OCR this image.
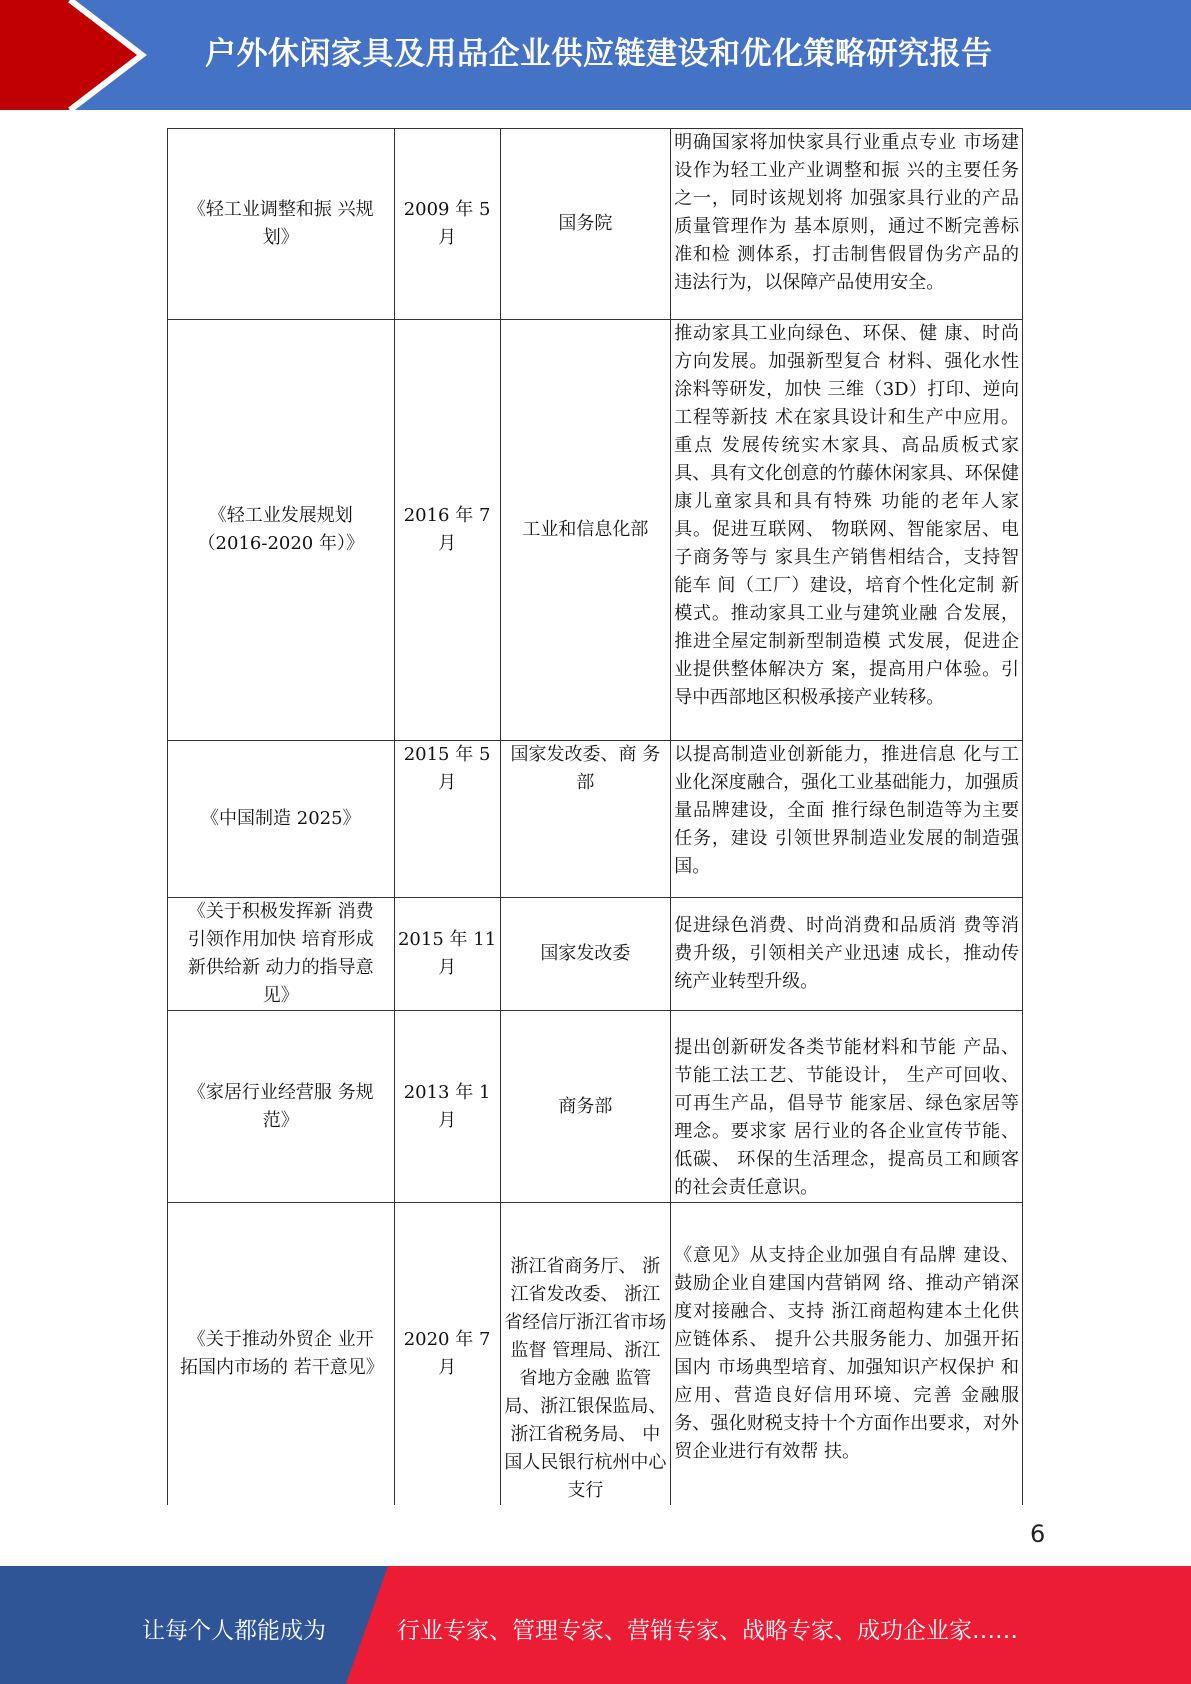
户外休闲家具及用品企业供应链建设和优化策略研究报告
《轻工业调整和振 兴规划》	2009 年 5 月	国务院	明确国家将加快家具行业重点专业 市场建设作为轻工业产业调整和振 兴的主要任务之一，同时该规划将 加强家具行业的产品质量管理作为 基本原则，通过不断完善标准和检 测体系，打击制售假冒伪劣产品的 违法行为，以保障产品使用安全。
《轻工业发展规划（2016-2020 年）》	2016 年 7 月	工业和信息化部	推动家具工业向绿色、环保、健 康、时尚方向发展。加强新型复合 材料、强化水性涂料等研发，加快 三维（3D）打印、逆向工程等新技 术在家具设计和生产中应用。重点 发展传统实木家具、高品质板式家 具、具有文化创意的竹藤休闲家具、环保健康儿童家具和具有特殊 功能的老年人家具。促进互联网、 物联网、智能家居、电子商务等与 家具生产销售相结合，支持智能车 间（工厂）建设，培育个性化定制 新模式。推动家具工业与建筑业融 合发展，推进全屋定制新型制造模 式发展，促进企业提供整体解决方 案，提高用户体验。引导中西部地区积极承接产业转移。
《中国制造 2025》	2015 年 5 月	国家发改委、商 务部	以提高制造业创新能力，推进信息 化与工业化深度融合，强化工业基础能力，加强质量品牌建设，全面 推行绿色制造等为主要任务，建设 引领世界制造业发展的制造强国。
《关于积极发挥新 消费引领作用加快 培育形成新供给新 动力的指导意见》	2015 年 11 月	国家发改委	促进绿色消费、时尚消费和品质消 费等消费升级，引领相关产业迅速 成长，推动传统产业转型升级。
《家居行业经营服 务规范》	2013 年 1 月	商务部	提出创新研发各类节能材料和节能 产品、节能工法工艺、节能设计， 生产可回收、可再生产品，倡导节 能家居、绿色家居等理念。要求家 居行业的各企业宣传节能、低碳、 环保的生活理念，提高员工和顾客 的社会责任意识。
《关于推动外贸企 业开拓国内市场的 若干意见》	2020 年 7 月	浙江省商务厅、 浙江省发改委、 浙江省经信厅浙江省市场监督 管理局、浙江省地方金融 监管局、浙江银保监局、 浙江省税务局、 中国人民银行杭州中心支行	《意见》从支持企业加强自有品牌 建设、鼓励企业自建国内营销网 络、推动产销深度对接融合、支持 浙江商超构建本土化供应链体系、 提升公共服务能力、加强开拓国内 市场典型培育、加强知识产权保护 和应用、营造良好信用环境、完善 金融服务、强化财税支持十个方面作出要求，对外贸企业进行有效帮 扶。
6
让每个人都能成为	行业专家、管理专家、营销专家、战略专家、成功企业家……
